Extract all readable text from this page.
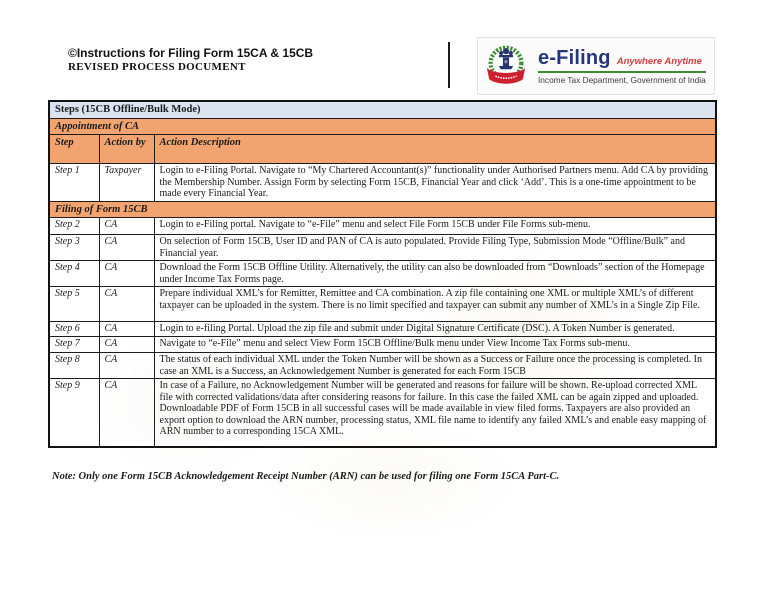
©Instructions for Filing Form 15CA & 15CB
REVISED PROCESS DOCUMENT	e-Filing Anywhere Anytime
Income Tax Department, Government of India
Steps (15CB Offline/Bulk Mode)		
Appointment of CA		
Step	Action by	Action Description
Step 1	Taxpayer	Login to e-Filing Portal. Navigate to “My Chartered Accountant(s)” functionality under Authorised Partners menu. Add CA by providing the Membership Number. Assign Form by selecting Form 15CB, Financial Year and click ‘Add’. This is a one-time appointment to be made every Financial Year.
Filing of Form 15CB		
Step 2	CA	Login to e-Filing portal. Navigate to “e-File” menu and select File Form 15CB under File Forms sub-menu.
Step 3	CA	On selection of Form 15CB, User ID and PAN of CA is auto populated. Provide Filing Type, Submission Mode “Offline/Bulk” and Financial year.
Step 4	CA	Download the Form 15CB Offline Utility. Alternatively, the utility can also be downloaded from “Downloads” section of the Homepage under Income Tax Forms page.
Step 5	CA	Prepare individual XML’s for Remitter, Remittee and CA combination. A zip file containing one XML or multiple XML’s of different taxpayer can be uploaded in the system. There is no limit specified and taxpayer can submit any number of XML’s in a Single Zip File.
Step 6	CA	Login to e-filing Portal. Upload the zip file and submit under Digital Signature Certificate (DSC). A Token Number is generated.
Step 7	CA	Navigate to “e-File” menu and select View Form 15CB Offline/Bulk menu under View Income Tax Forms sub-menu.
Step 8	CA	The status of each individual XML under the Token Number will be shown as a Success or Failure once the processing is completed. In case an XML is a Success, an Acknowledgement Number is generated for each Form 15CB
Step 9	CA	In case of a Failure, no Acknowledgement Number will be generated and reasons for failure will be shown. Re-upload corrected XML file with corrected validations/data after considering reasons for failure. In this case the failed XML can be again zipped and uploaded. Downloadable PDF of Form 15CB in all successful cases will be made available in view filed forms. Taxpayers are also provided an export option to download the ARN number, processing status, XML file name to identify any failed XML’s and enable easy mapping of ARN number to a corresponding 15CA XML.
Note: Only one Form 15CB Acknowledgement Receipt Number (ARN) can be used for filing one Form 15CA Part-C.
